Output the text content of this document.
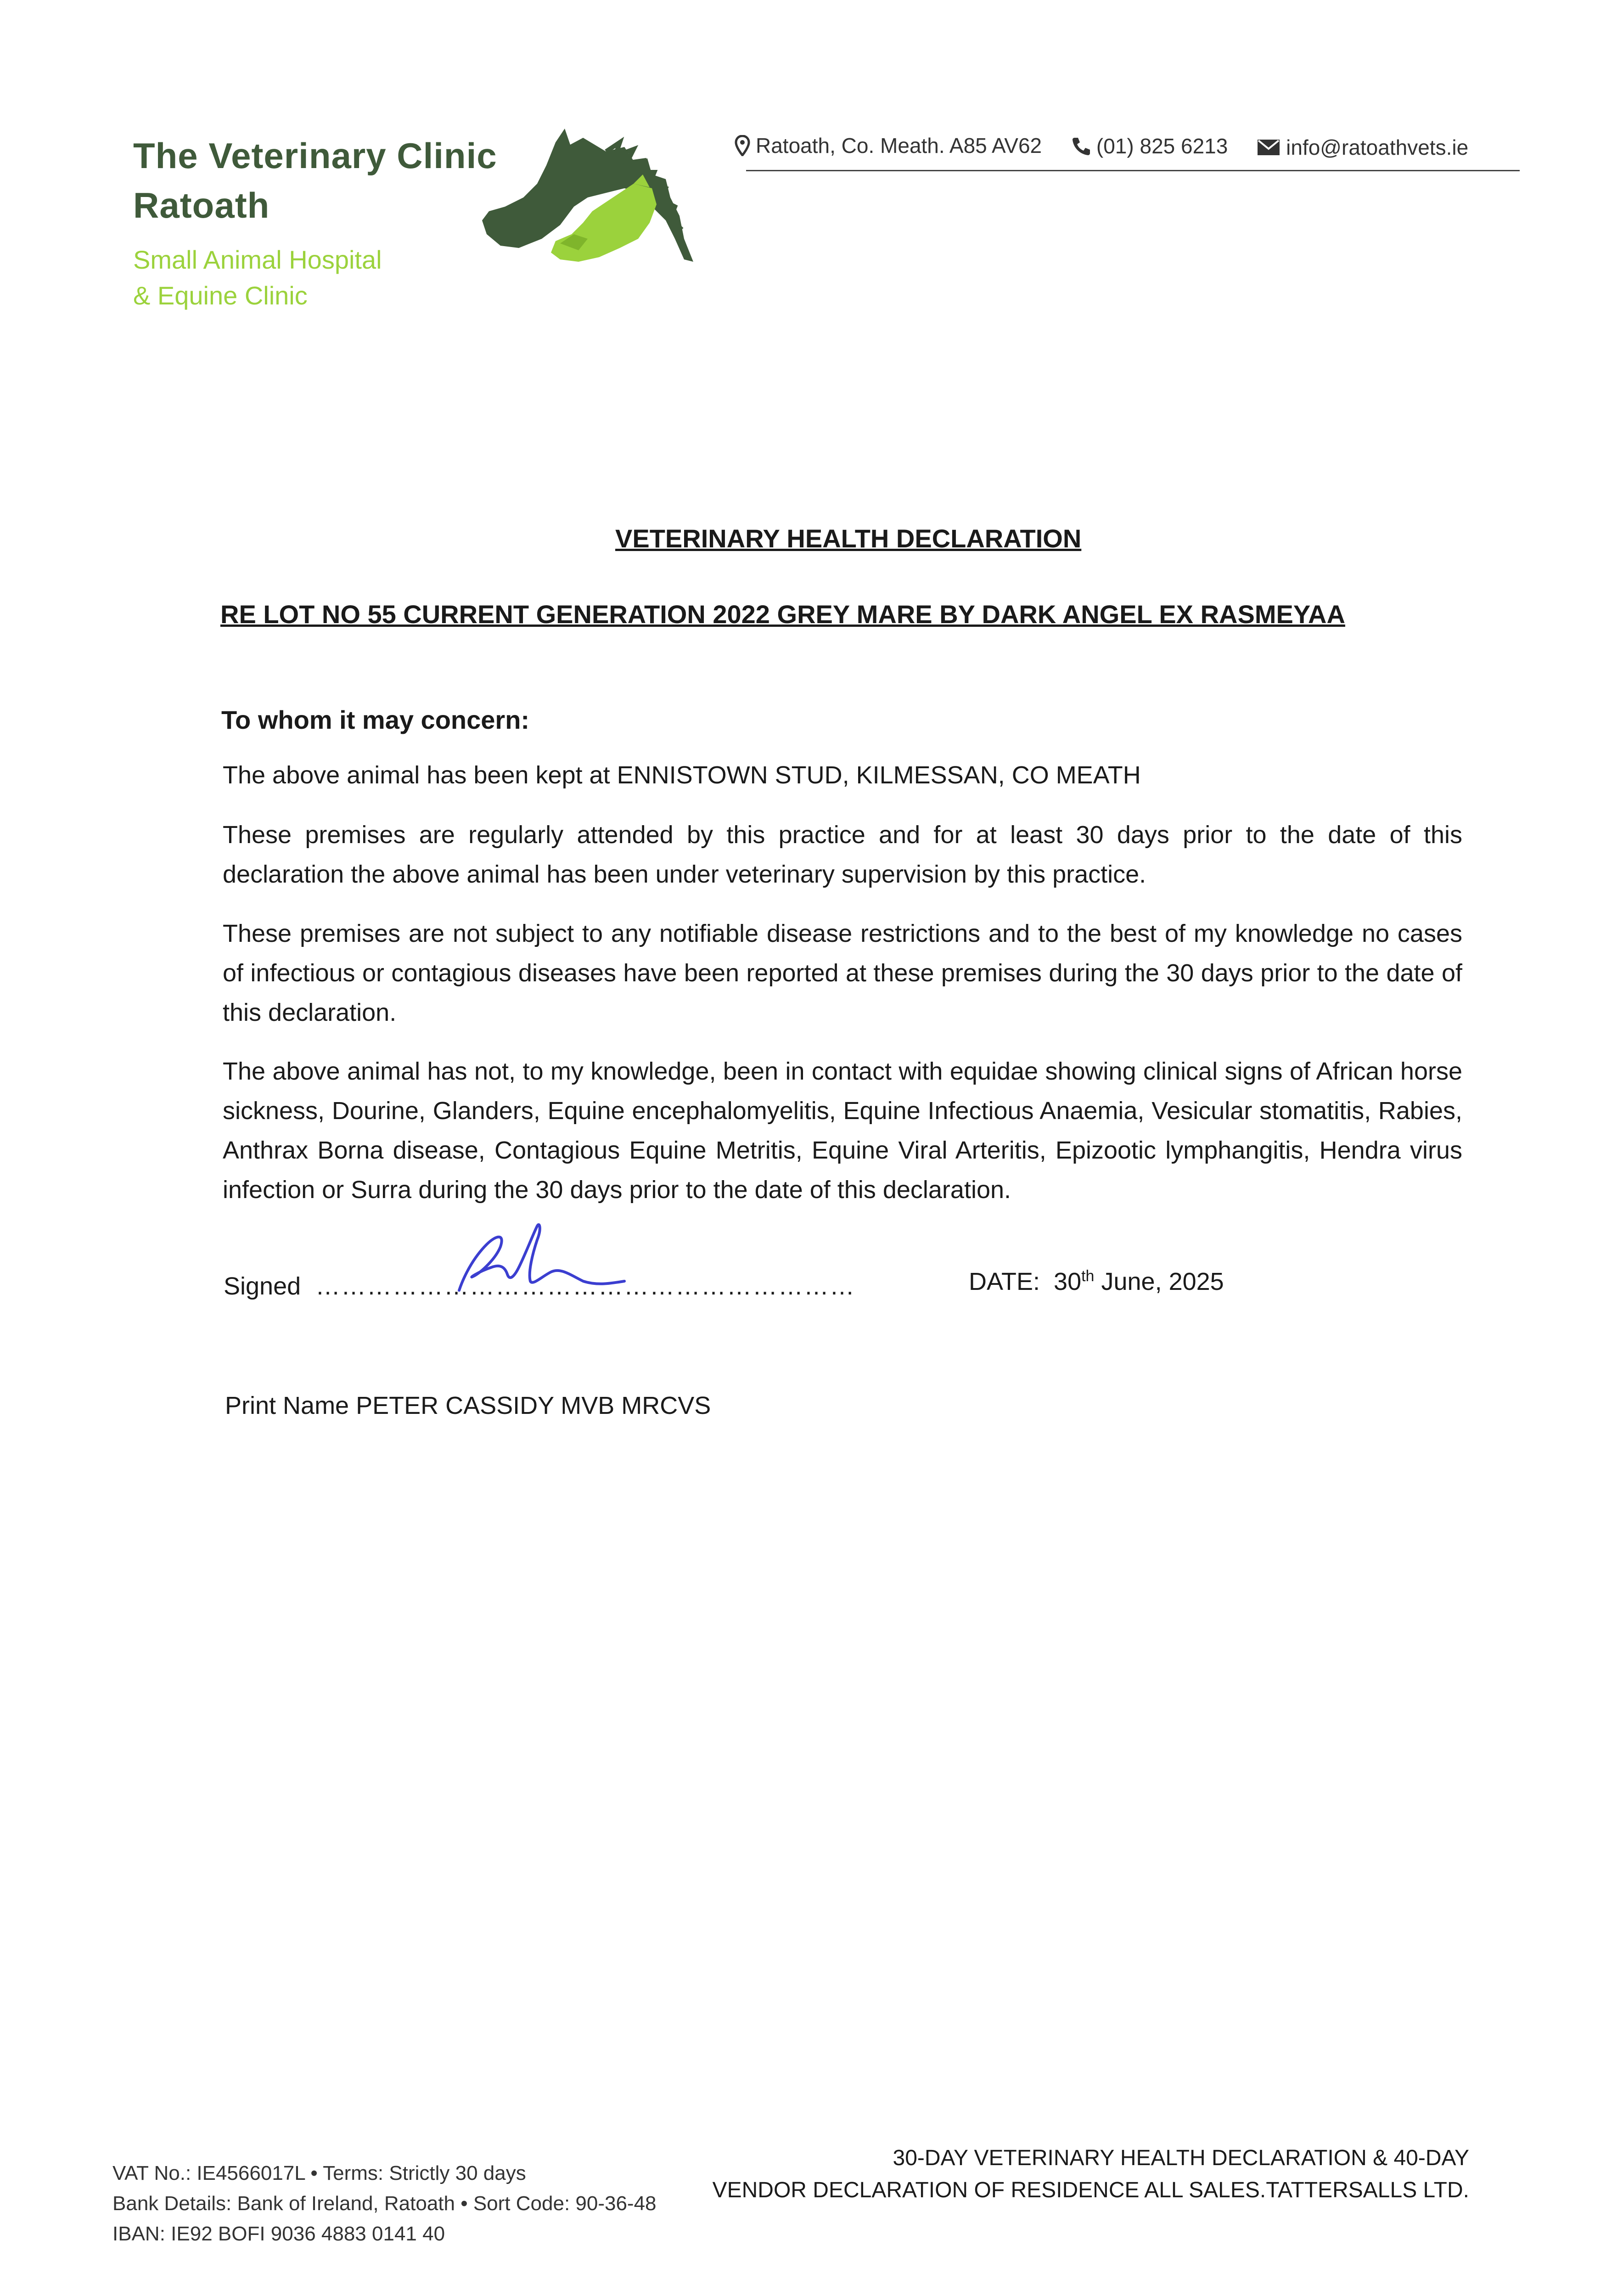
The Veterinary Clinic
Ratoath
Small Animal Hospital
& Equine Clinic
Ratoath, Co. Meath. A85 AV62
	(01) 825 6213
	info@ratoathvets.ie
VETERINARY HEALTH DECLARATION
RE LOT NO 55 CURRENT GENERATION 2022 GREY MARE BY DARK ANGEL EX RASMEYAA
To whom it may concern:
The above animal has been kept at ENNISTOWN STUD, KILMESSAN, CO MEATH
These premises are regularly attended by this practice and for at least 30 days prior to the date of this declaration the above animal has been under veterinary supervision by this practice.
These premises are not subject to any notifiable disease restrictions and to the best of my knowledge no cases of infectious or contagious diseases have been reported at these premises during the 30 days prior to the date of this declaration.
The above animal has not, to my knowledge, been in contact with equidae showing clinical signs of African horse sickness, Dourine, Glanders, Equine encephalomyelitis, Equine Infectious Anaemia, Vesicular stomatitis, Rabies, Anthrax Borna disease, Contagious Equine Metritis, Equine Viral Arteritis, Epizootic lymphangitis, Hendra virus infection or Surra during the 30 days prior to the date of this declaration.
Signed ………………………………………………………	DATE: 30th June, 2025
Print Name PETER CASSIDY MVB MRCVS
VAT No.: IE4566017L • Terms: Strictly 30 days
Bank Details: Bank of Ireland, Ratoath • Sort Code: 90-36-48
IBAN: IE92 BOFI 9036 4883 0141 40
30-DAY VETERINARY HEALTH DECLARATION & 40-DAY
VENDOR DECLARATION OF RESIDENCE ALL SALES.TATTERSALLS LTD.
